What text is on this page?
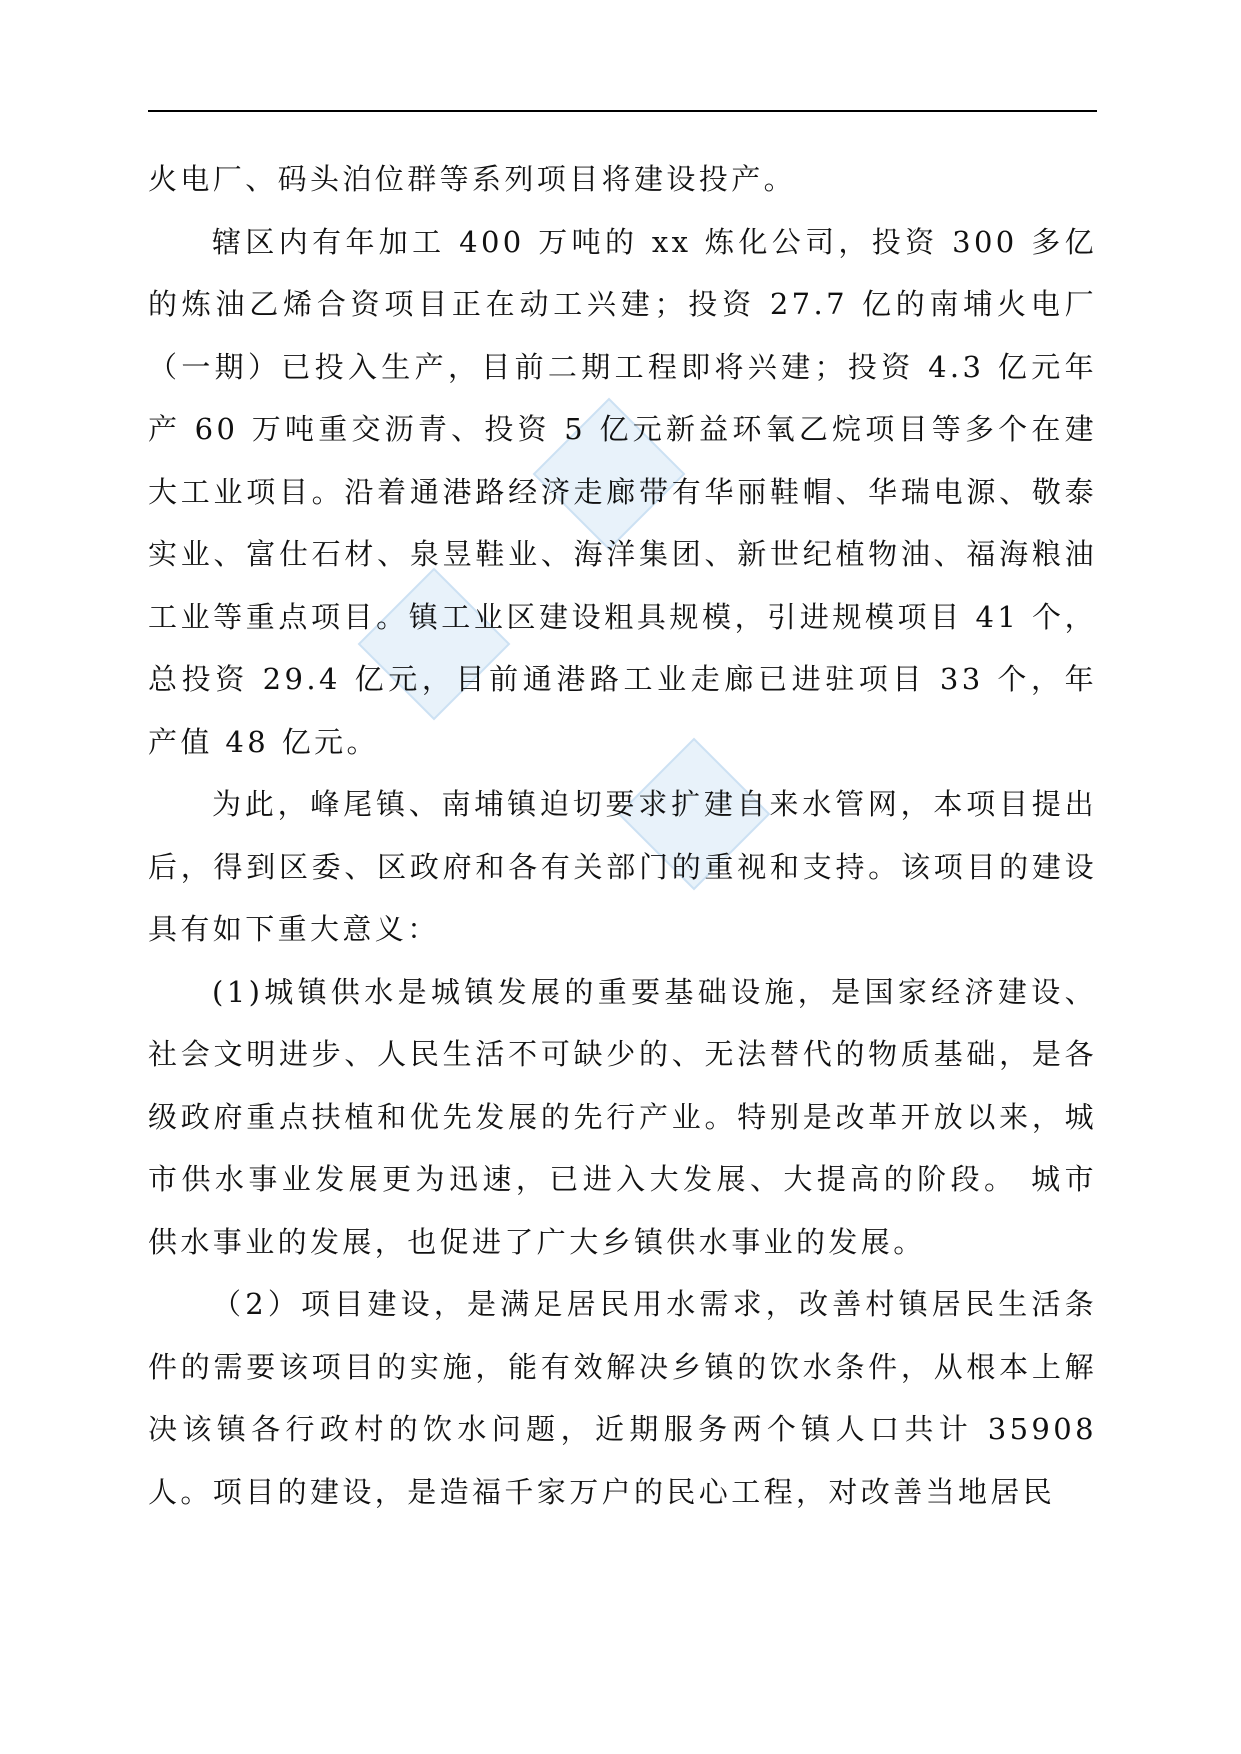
火电厂、码头泊位群等系列项目将建设投产。

辖区内有年加工 400 万吨的 xx 炼化公司，投资 300 多亿的炼油乙烯合资项目正在动工兴建；投资 27.7 亿的南埔火电厂（一期）已投入生产，目前二期工程即将兴建；投资 4.3 亿元年产 60 万吨重交沥青、投资 5 亿元新益环氧乙烷项目等多个在建大工业项目。沿着通港路经济走廊带有华丽鞋帽、华瑞电源、敬泰实业、富仕石材、泉昱鞋业、海洋集团、新世纪植物油、福海粮油工业等重点项目。镇工业区建设粗具规模，引进规模项目 41 个，总投资 29.4 亿元，目前通港路工业走廊已进驻项目 33 个，年产值 48 亿元。

为此，峰尾镇、南埔镇迫切要求扩建自来水管网，本项目提出后，得到区委、区政府和各有关部门的重视和支持。该项目的建设具有如下重大意义：

(1)城镇供水是城镇发展的重要基础设施，是国家经济建设、社会文明进步、人民生活不可缺少的、无法替代的物质基础，是各级政府重点扶植和优先发展的先行产业。特别是改革开放以来，城市供水事业发展更为迅速，已进入大发展、大提高的阶段。 城市供水事业的发展，也促进了广大乡镇供水事业的发展。

（2）项目建设，是满足居民用水需求，改善村镇居民生活条件的需要该项目的实施，能有效解决乡镇的饮水条件，从根本上解决该镇各行政村的饮水问题，近期服务两个镇人口共计 35908 人。项目的建设，是造福千家万户的民心工程，对改善当地居民
